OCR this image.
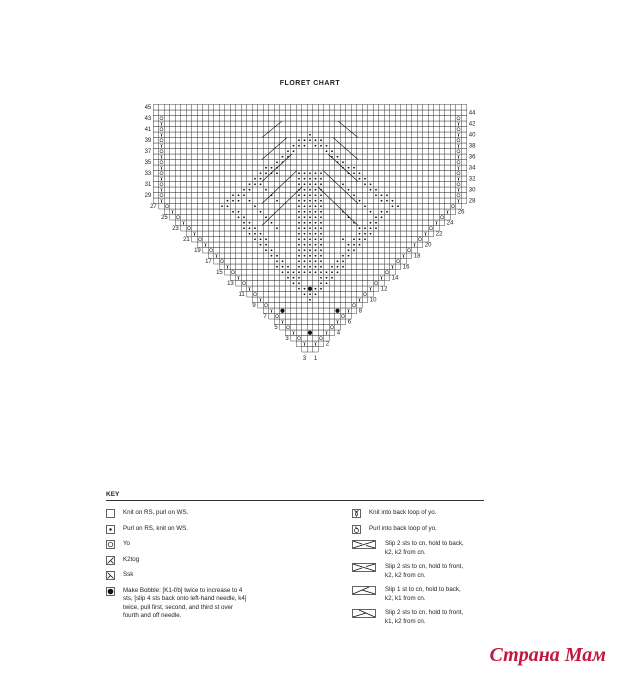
FLORET CHART
45
43
41
39
37
35
33
31
29
27
25
23
21
19
17
15
13
11
9
7
5
3
44
42
40
38
36
34
32
30
28
26
24
22
20
18
16
14
12
10
8
6
4
2
3 1
KEY
Knit on RS, purl on WS.
Purl on RS, knit on WS.
Yo
K2tog
Ssk
Make Bobble: [K1-f/b] twice to increase to 4
sts, [slip 4 sts back onto left-hand needle, k4]
twice, pull first, second, and third st over
fourth and off needle.
Knit into back loop of yo.
Purl into back loop of yo.
Slip 2 sts to cn, hold to back,
k2, k2 from cn.
Slip 2 sts to cn, hold to front,
k2, k2 from cn.
Slip 1 st to cn, hold to back,
k2, k1 from cn.
Slip 2 sts to cn, hold to front,
k1, k2 from cn.
Страна Мам
